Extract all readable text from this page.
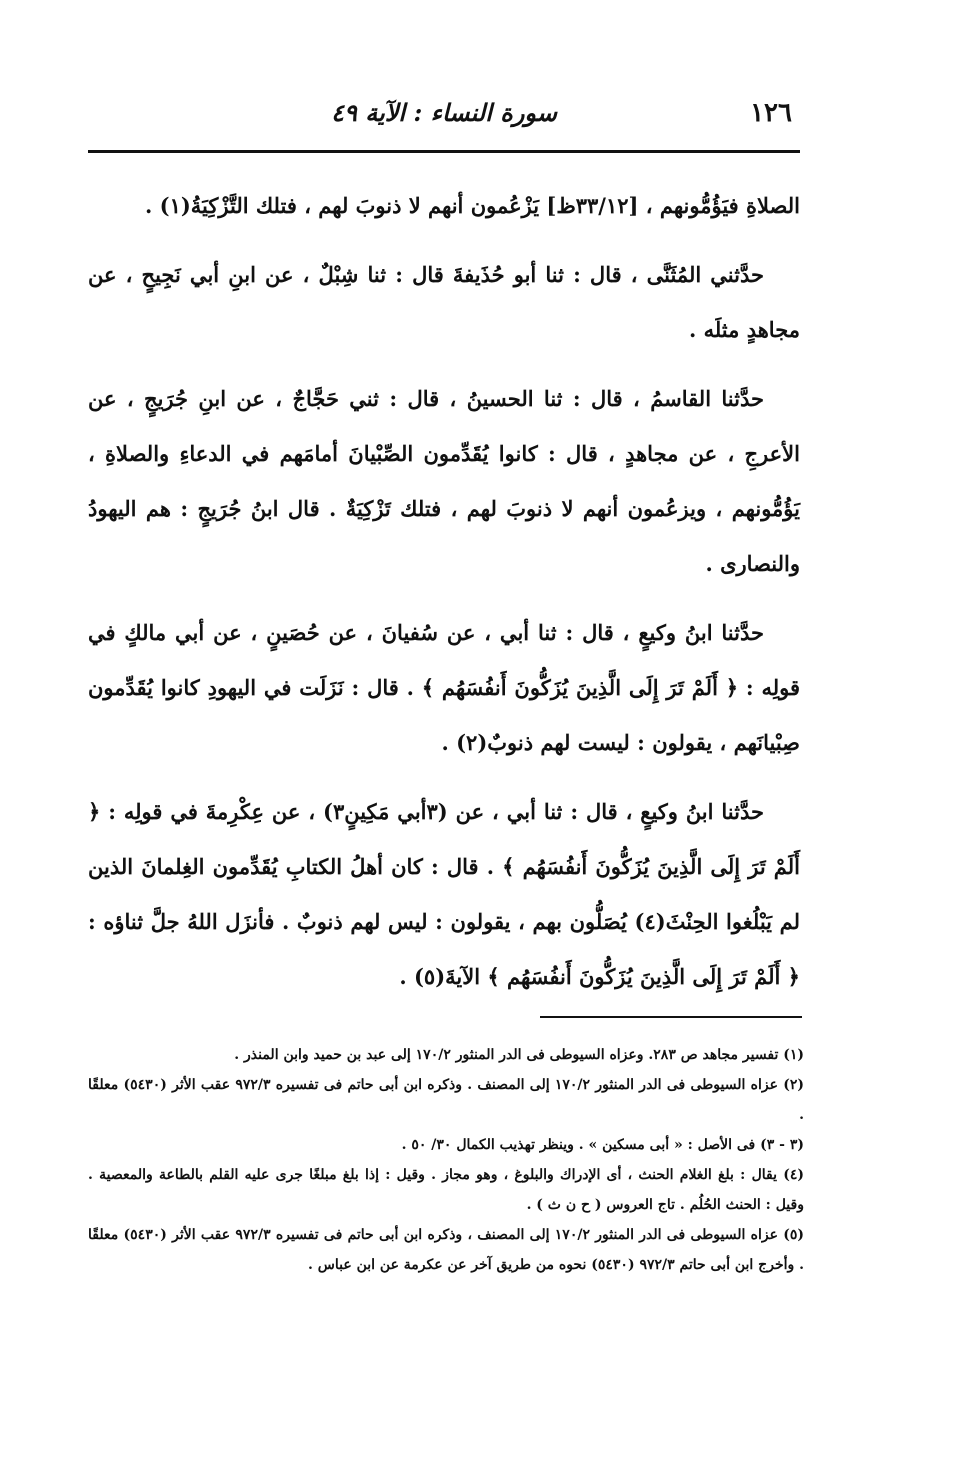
١٢٦
سورة النساء : الآية ٤٩

الصلاةِ فيَؤُمُّونهم ، [٣٣/١٢ظ] يَزْعُمون أنهم لا ذنوبَ لهم ، فتلك التَّزْكِيَةُ(١) .

حدَّثني المُثَنَّى ، قال : ثنا أبو حُذَيفةَ قال : ثنا شِبْلٌ ، عن ابنِ أبي نَجِيحٍ ، عن مجاهدٍ مثلَه .

حدَّثنا القاسمُ ، قال : ثنا الحسينُ ، قال : ثني حَجَّاجٌ ، عن ابنِ جُرَيجٍ ، عن الأعرجِ ، عن مجاهدٍ ، قال : كانوا يُقَدِّمون الصِّبْيانَ أمامَهم في الدعاءِ والصلاةِ ، يَؤُمُّونهم ، ويزعُمون أنهم لا ذنوبَ لهم ، فتلك تَزْكِيَةٌ . قال ابنُ جُرَيجٍ : هم اليهودُ والنصارى .

حدَّثنا ابنُ وكيعٍ ، قال : ثنا أبي ، عن سُفيانَ ، عن حُصَينٍ ، عن أبي مالكٍ في قولِه : ﴿ أَلَمْ تَرَ إِلَى الَّذِينَ يُزَكُّونَ أَنفُسَهُم ﴾ . قال : نَزَلَت في اليهودِ كانوا يُقَدِّمون صِبْيانَهم ، يقولون : ليست لهم ذنوبٌ(٢) .

حدَّثنا ابنُ وكيعٍ ، قال : ثنا أبي ، عن (٣أبي مَكِينٍ٣) ، عن عِكْرِمةَ في قولِه : ﴿ أَلَمْ تَرَ إِلَى الَّذِينَ يُزَكُّونَ أَنفُسَهُم ﴾ . قال : كان أهلُ الكتابِ يُقَدِّمون الغِلمانَ الذين لم يَبْلُغوا الحِنْثَ(٤) يُصَلُّون بهم ، يقولون : ليس لهم ذنوبٌ . فأنزَل اللهُ جلَّ ثناؤه : ﴿ أَلَمْ تَرَ إِلَى الَّذِينَ يُزَكُّونَ أَنفُسَهُم ﴾ الآيةَ(٥) .

(١) تفسير مجاهد ص ٢٨٣. وعزاه السيوطى فى الدر المنثور ١٧٠/٢ إلى عبد بن حميد وابن المنذر .

(٢) عزاه السيوطى فى الدر المنثور ١٧٠/٢ إلى المصنف . وذكره ابن أبى حاتم فى تفسيره ٩٧٢/٣ عقب الأثر (٥٤٣٠) معلقًا .

(٣ - ٣) فى الأصل : « أبى مسكين » . وينظر تهذيب الكمال ٣٠/ ٥٠ .

(٤) يقال : بلغ الغلام الحنث ، أى الإدراك والبلوغ ، وهو مجاز . وقيل : إذا بلغ مبلغًا جرى عليه القلم بالطاعة والمعصية . وقيل : الحنث الحُلُم . تاج العروس ( ح ن ث ) .

(٥) عزاه السيوطى فى الدر المنثور ١٧٠/٢ إلى المصنف ، وذكره ابن أبى حاتم فى تفسيره ٩٧٢/٣ عقب الأثر (٥٤٣٠) معلقًا . وأخرج ابن أبى حاتم ٩٧٢/٣ (٥٤٣٠) نحوه من طريق آخر عن عكرمة عن ابن عباس .
